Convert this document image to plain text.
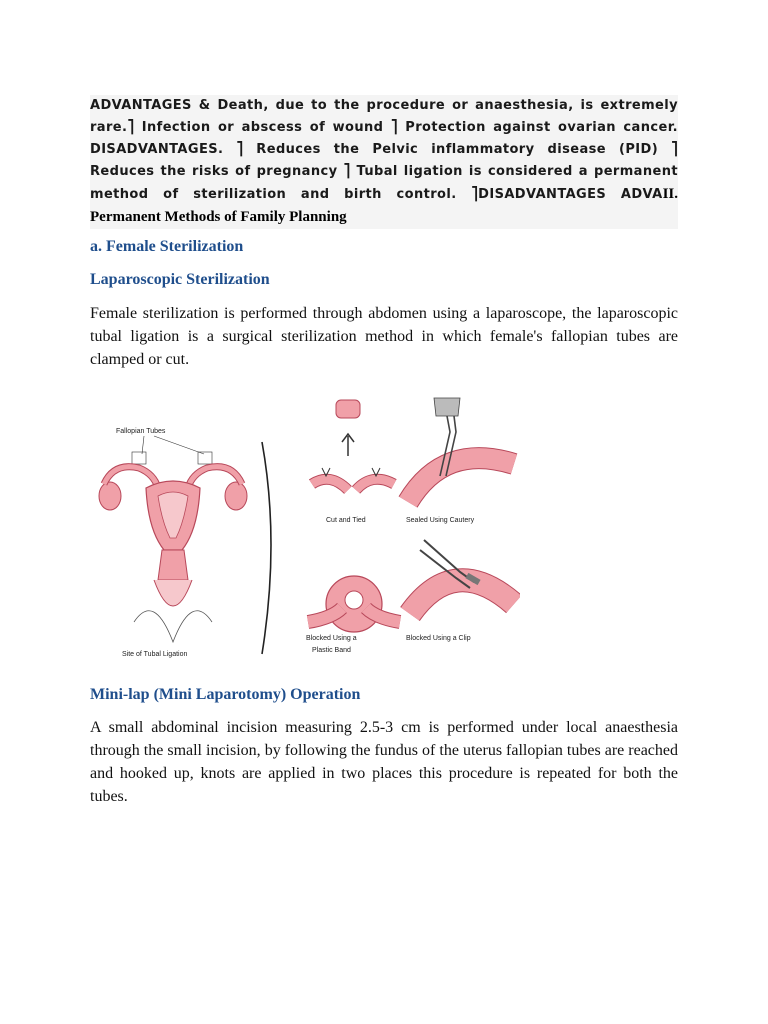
ADVANTAGES & Death, due to the procedure or anaesthesia, is extremely rare.⎤ Infection or abscess of wound ⎤ Protection against ovarian cancer. DISADVANTAGES. ⎤ Reduces the Pelvic inflammatory disease (PID) ⎤ Reduces the risks of pregnancy ⎤ Tubal ligation is considered a permanent method of sterilization and birth control. ⎤DISADVANTAGES ADVAII. Permanent Methods of Family Planning
a. Female Sterilization
Laparoscopic Sterilization

Female sterilization is performed through abdomen using a laparoscope, the laparoscopic tubal ligation is a surgical sterilization method in which female's fallopian tubes are clamped or cut.

Fallopian Tubes
Site of Tubal Ligation
Cut and Tied	Sealed Using Cautery
Blocked Using a
Plastic Band
Blocked Using a Clip
Mini-lap (Mini Laparotomy) Operation

A small abdominal incision measuring 2.5-3 cm is performed under local anaesthesia through the small incision, by following the fundus of the uterus fallopian tubes are reached and hooked up, knots are applied in two places this procedure is repeated for both the tubes.
